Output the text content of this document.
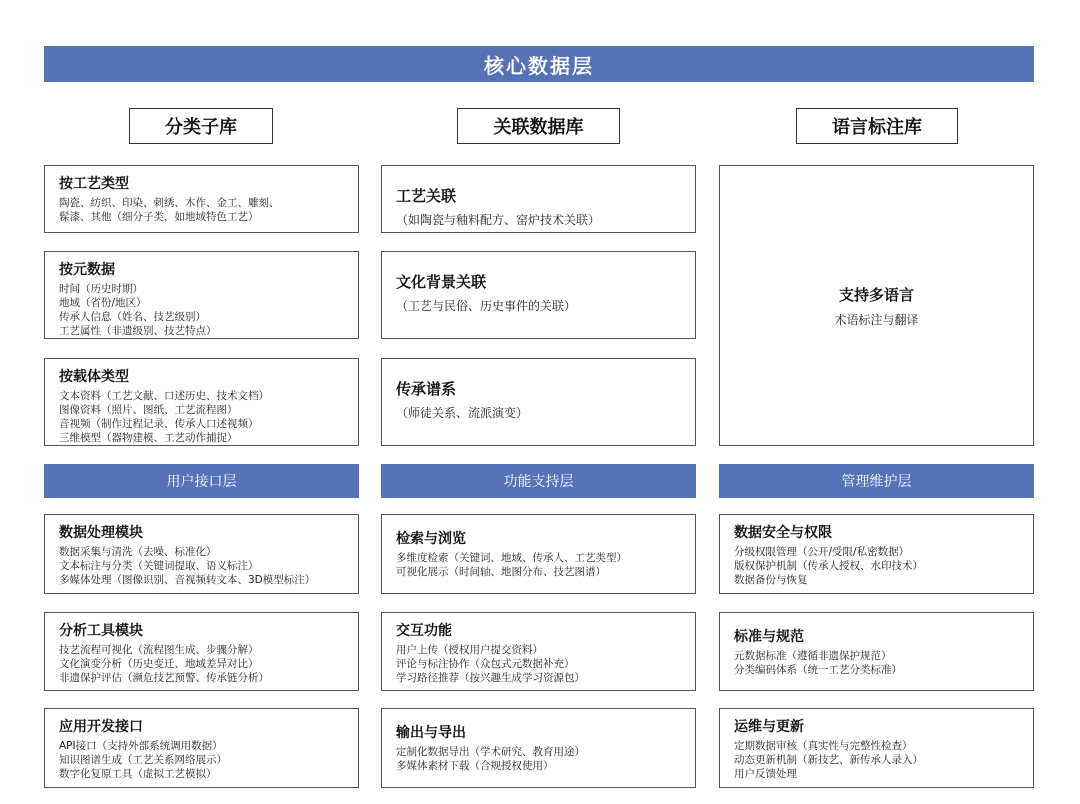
核心数据层
分类子库	关联数据库	语言标注库
按工艺类型
陶瓷、纺织、印染、刺绣、木作、金工、雕刻、
髹漆、其他（细分子类，如地域特色工艺）
按元数据
时间（历史时期）
地域（省份/地区）
传承人信息（姓名、技艺级别）
工艺属性（非遗级别、技艺特点）
按载体类型
文本资料（工艺文献、口述历史、技术文档）
图像资料（照片、图纸、工艺流程图）
音视频（制作过程记录、传承人口述视频）
三维模型（器物建模、工艺动作捕捉）
工艺关联
（如陶瓷与釉料配方、窑炉技术关联）
文化背景关联
（工艺与民俗、历史事件的关联）
传承谱系
（师徒关系、流派演变）
支持多语言
术语标注与翻译
用户接口层	功能支持层	管理维护层
数据处理模块
数据采集与清洗（去噪、标准化）
文本标注与分类（关键词提取、语义标注）
多媒体处理（图像识别、音视频转文本、3D模型标注）
分析工具模块
技艺流程可视化（流程图生成、步骤分解）
文化演变分析（历史变迁、地域差异对比）
非遗保护评估（濒危技艺预警、传承链分析）
应用开发接口
API接口（支持外部系统调用数据）
知识图谱生成（工艺关系网络展示）
数字化复原工具（虚拟工艺模拟）
检索与浏览
多维度检索（关键词、地域、传承人、工艺类型）
可视化展示（时间轴、地图分布、技艺图谱）
交互功能
用户上传（授权用户提交资料）
评论与标注协作（众包式元数据补充）
学习路径推荐（按兴趣生成学习资源包）
输出与导出
定制化数据导出（学术研究、教育用途）
多媒体素材下载（合规授权使用）
数据安全与权限
分级权限管理（公开/受限/私密数据）
版权保护机制（传承人授权、水印技术）
数据备份与恢复
标准与规范
元数据标准（遵循非遗保护规范）
分类编码体系（统一工艺分类标准）
运维与更新
定期数据审核（真实性与完整性检查）
动态更新机制（新技艺、新传承人录入）
用户反馈处理
